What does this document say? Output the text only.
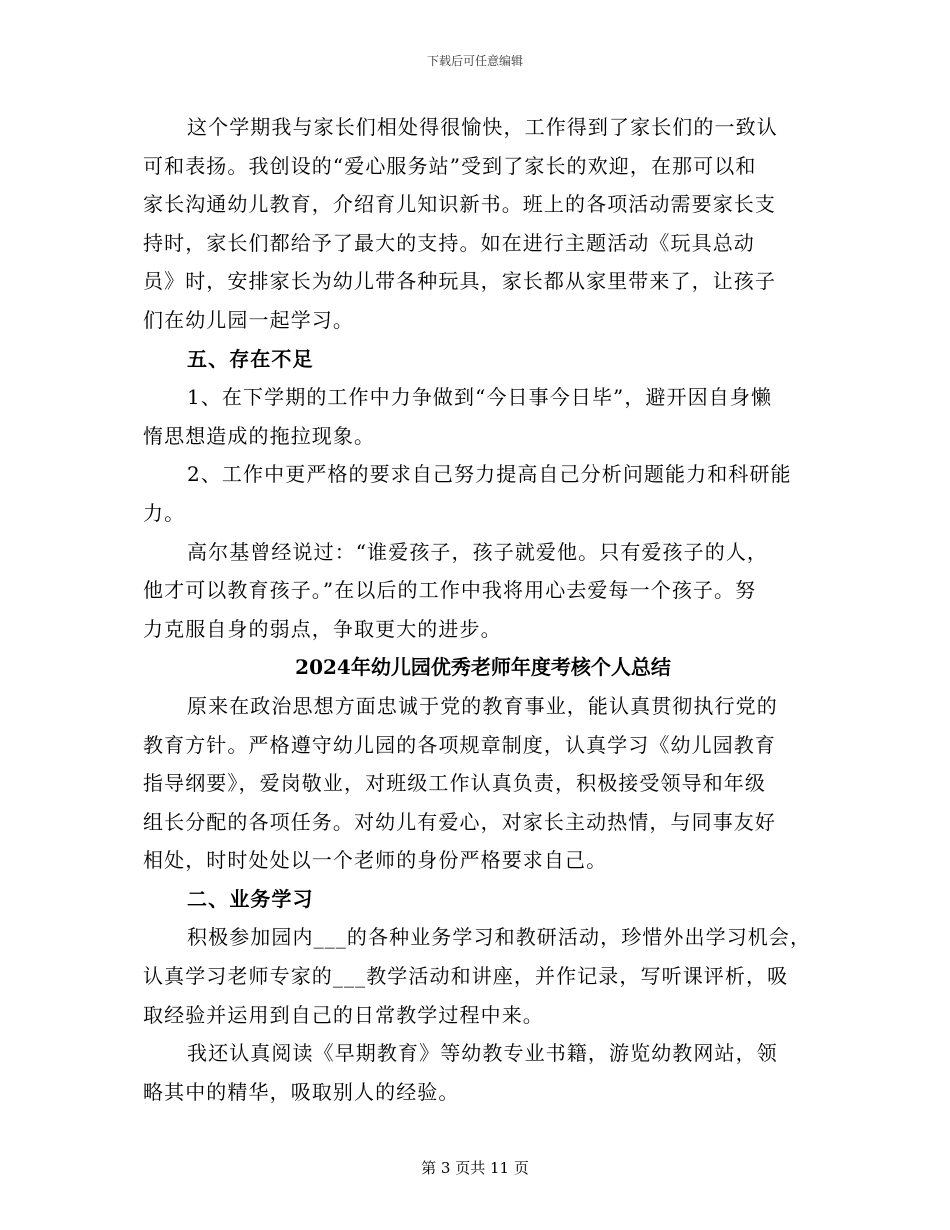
下载后可任意编辑
这个学期我与家长们相处得很愉快，工作得到了家长们的一致认
可和表扬。我创设的“爱心服务站”受到了家长的欢迎，在那可以和
家长沟通幼儿教育，介绍育儿知识新书。班上的各项活动需要家长支
持时，家长们都给予了最大的支持。如在进行主题活动《玩具总动
员》时，安排家长为幼儿带各种玩具，家长都从家里带来了，让孩子
们在幼儿园一起学习。
五、存在不足
1、在下学期的工作中力争做到“今日事今日毕”，避开因自身懒
惰思想造成的拖拉现象。
2、工作中更严格的要求自己努力提高自己分析问题能力和科研能
力。
高尔基曾经说过：“谁爱孩子，孩子就爱他。只有爱孩子的人，
他才可以教育孩子。”在以后的工作中我将用心去爱每一个孩子。努
力克服自身的弱点，争取更大的进步。
2024年幼儿园优秀老师年度考核个人总结
原来在政治思想方面忠诚于党的教育事业，能认真贯彻执行党的
教育方针。严格遵守幼儿园的各项规章制度，认真学习《幼儿园教育
指导纲要》，爱岗敬业，对班级工作认真负责，积极接受领导和年级
组长分配的各项任务。对幼儿有爱心，对家长主动热情，与同事友好
相处，时时处处以一个老师的身份严格要求自己。
二、业务学习
积极参加园内___的各种业务学习和教研活动，珍惜外出学习机会，
认真学习老师专家的___教学活动和讲座，并作记录，写听课评析，吸
取经验并运用到自己的日常教学过程中来。
我还认真阅读《早期教育》等幼教专业书籍，游览幼教网站，领
略其中的精华，吸取别人的经验。
第 3 页共 11 页
